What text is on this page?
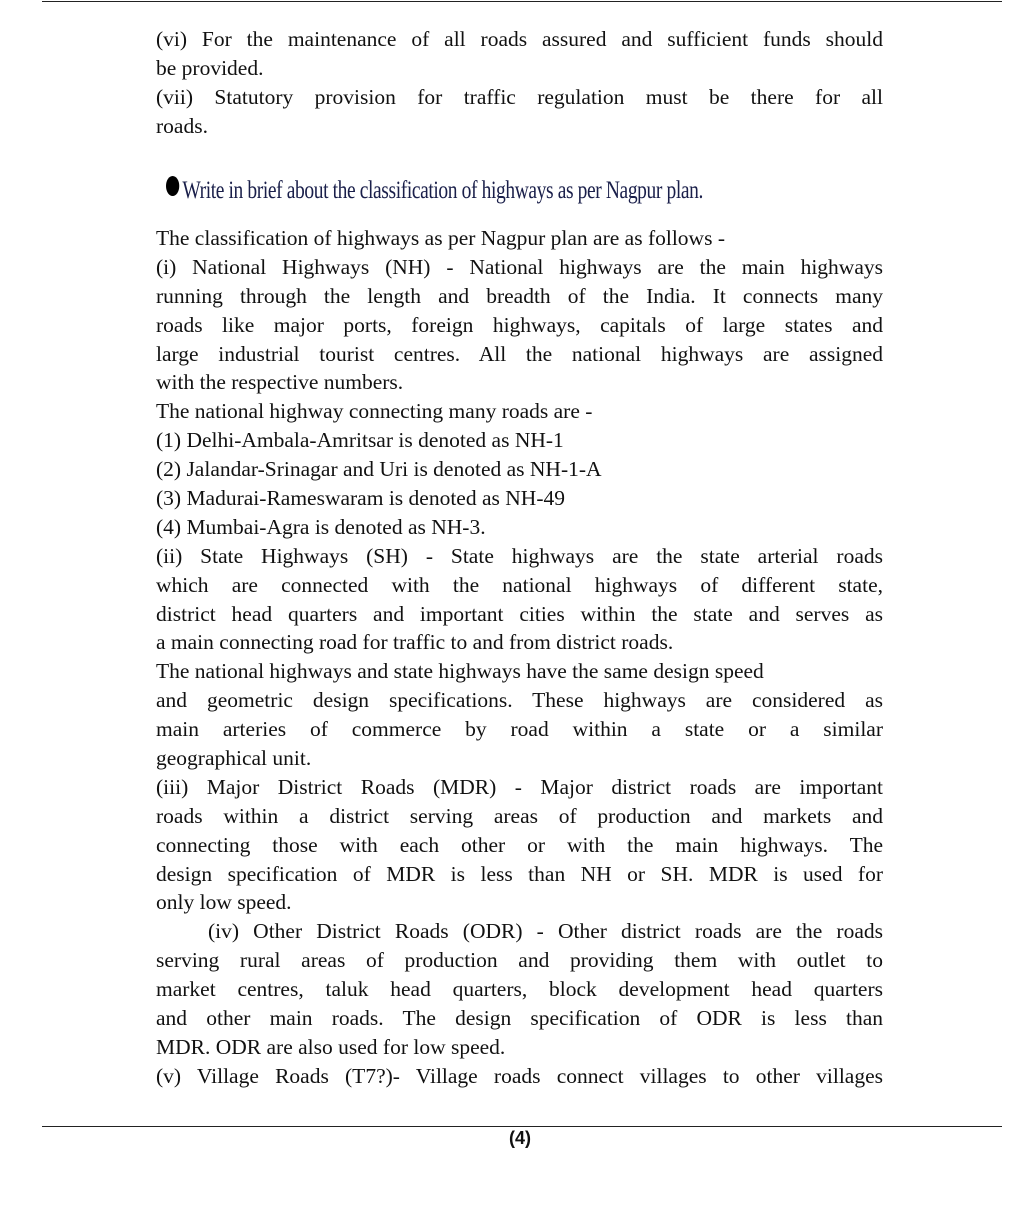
(vi) For the maintenance of all roads assured and sufficient funds should
be provided.
(vii) Statutory provision for traffic regulation must be there for all
roads.
Write in brief about the classification of highways as per Nagpur plan.
The classification of highways as per Nagpur plan are as follows -
(i) National Highways (NH) - National highways are the main highways
running through the length and breadth of the India. It connects many
roads like major ports, foreign highways, capitals of large states and
large industrial tourist centres. All the national highways are assigned
with the respective numbers.
The national highway connecting many roads are -
(1) Delhi-Ambala-Amritsar is denoted as NH-1
(2) Jalandar-Srinagar and Uri is denoted as NH-1-A
(3) Madurai-Rameswaram is denoted as NH-49
(4) Mumbai-Agra is denoted as NH-3.
(ii) State Highways (SH) - State highways are the state arterial roads
which are connected with the national highways of different state,
district head quarters and important cities within the state and serves as
a main connecting road for traffic to and from district roads.
The national highways and state highways have the same design speed
and geometric design specifications. These highways are considered as
main arteries of commerce by road within a state or a similar
geographical unit.
(iii) Major District Roads (MDR) - Major district roads are important
roads within a district serving areas of production and markets and
connecting those with each other or with the main highways. The
design specification of MDR is less than NH or SH. MDR is used for
only low speed.
(iv) Other District Roads (ODR) - Other district roads are the roads
serving rural areas of production and providing them with outlet to
market centres, taluk head quarters, block development head quarters
and other main roads. The design specification of ODR is less than
MDR. ODR are also used for low speed.
(v) Village Roads (T7?)- Village roads connect villages to other villages
(4)
